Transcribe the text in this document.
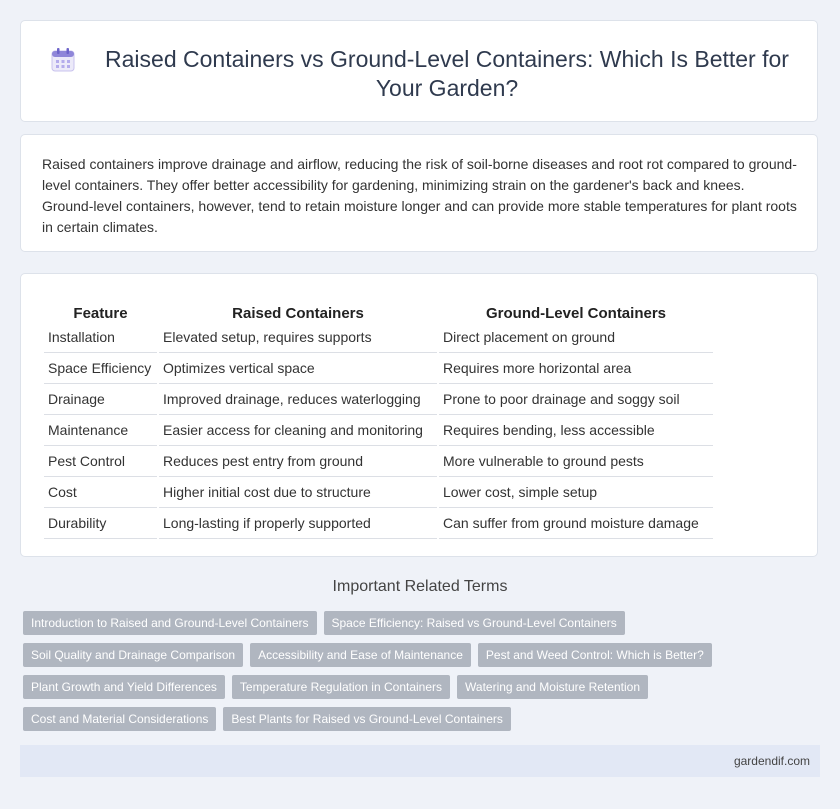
Raised Containers vs Ground-Level Containers: Which Is Better for Your Garden?
Raised containers improve drainage and airflow, reducing the risk of soil-borne diseases and root rot compared to ground-level containers. They offer better accessibility for gardening, minimizing strain on the gardener's back and knees. Ground-level containers, however, tend to retain moisture longer and can provide more stable temperatures for plant roots in certain climates.
Feature	Raised Containers	Ground-Level Containers
Installation	Elevated setup, requires supports	Direct placement on ground
Space Efficiency	Optimizes vertical space	Requires more horizontal area
Drainage	Improved drainage, reduces waterlogging	Prone to poor drainage and soggy soil
Maintenance	Easier access for cleaning and monitoring	Requires bending, less accessible
Pest Control	Reduces pest entry from ground	More vulnerable to ground pests
Cost	Higher initial cost due to structure	Lower cost, simple setup
Durability	Long-lasting if properly supported	Can suffer from ground moisture damage
Important Related Terms
Introduction to Raised and Ground-Level Containers	Space Efficiency: Raised vs Ground-Level Containers
Soil Quality and Drainage Comparison	Accessibility and Ease of Maintenance	Pest and Weed Control: Which is Better?
Plant Growth and Yield Differences	Temperature Regulation in Containers	Watering and Moisture Retention
Cost and Material Considerations	Best Plants for Raised vs Ground-Level Containers
gardendif.com
